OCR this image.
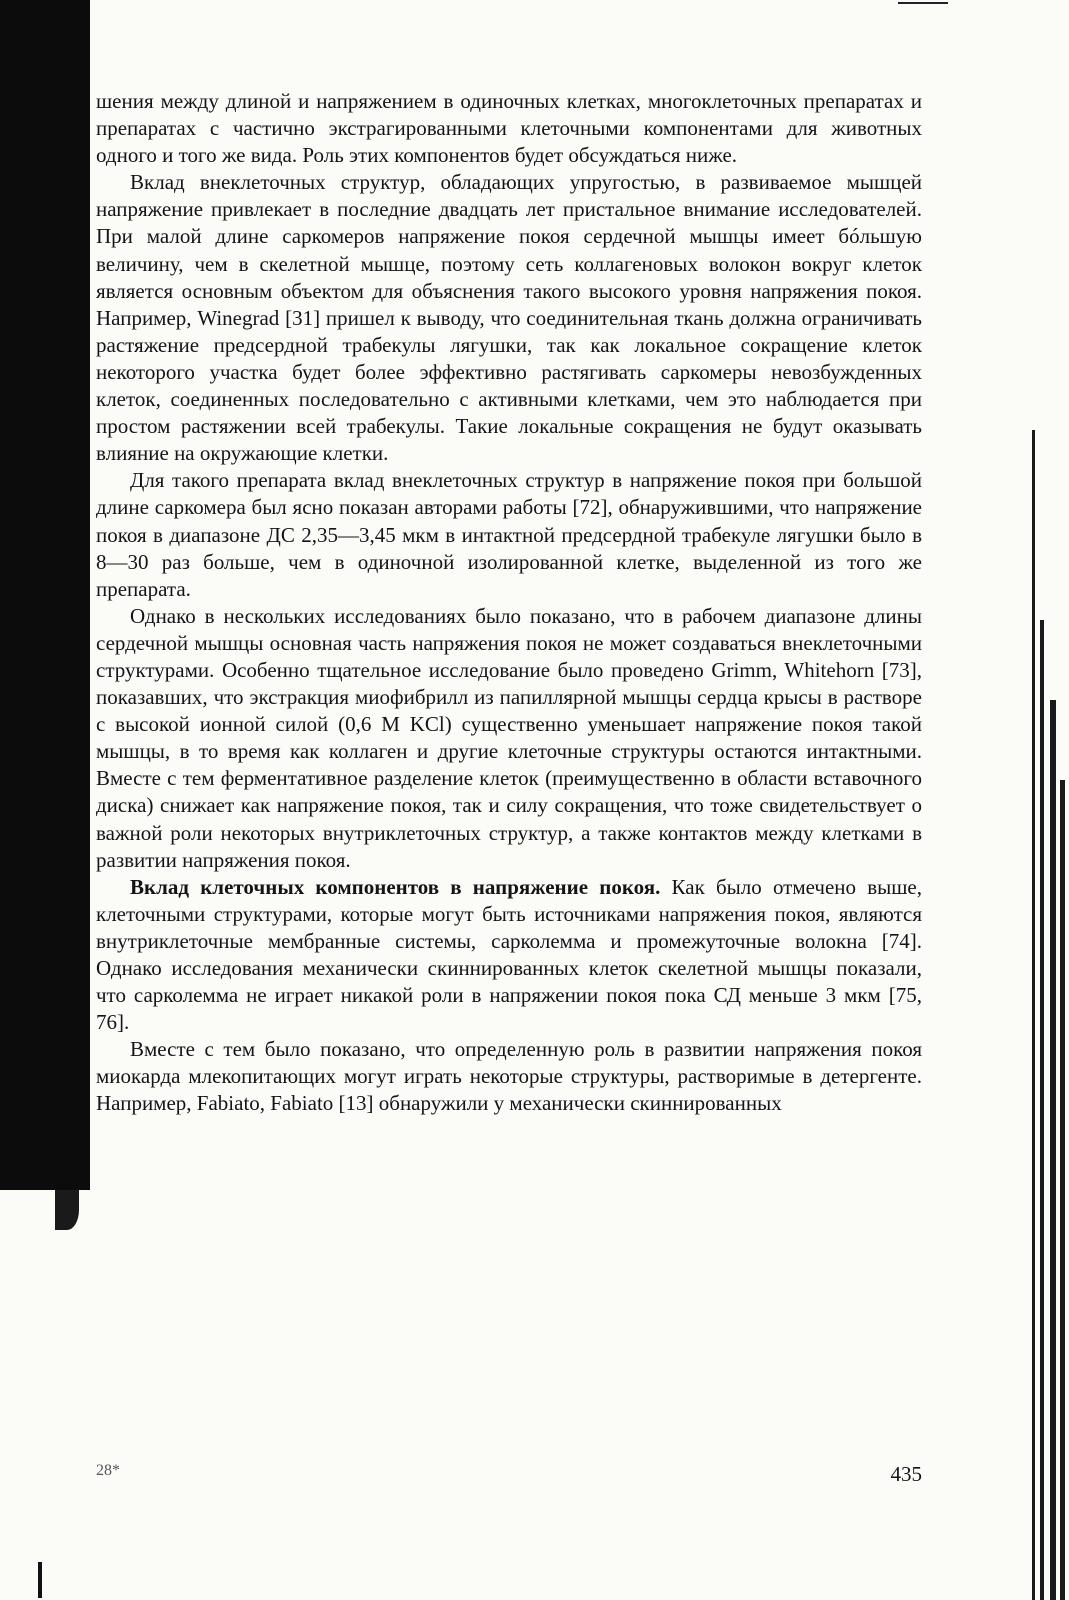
шения между длиной и напряжением в одиночных клетках, многоклеточных препаратах и препаратах с частично экстрагированными клеточными компонентами для животных одного и того же вида. Роль этих компонентов будет обсуждаться ниже.

Вклад внеклеточных структур, обладающих упругостью, в развиваемое мышцей напряжение привлекает в последние двадцать лет пристальное внимание исследователей. При малой длине саркомеров напряжение покоя сердечной мышцы имеет бóльшую величину, чем в скелетной мышце, поэтому сеть коллагеновых волокон вокруг клеток является основным объектом для объяснения такого высокого уровня напряжения покоя. Например, Winegrad [31] пришел к выводу, что соединительная ткань должна ограничивать растяжение предсердной трабекулы лягушки, так как локальное сокращение клеток некоторого участка будет более эффективно растягивать саркомеры невозбужденных клеток, соединенных последовательно с активными клетками, чем это наблюдается при простом растяжении всей трабекулы. Такие локальные сокращения не будут оказывать влияние на окружающие клетки.

Для такого препарата вклад внеклеточных структур в напряжение покоя при большой длине саркомера был ясно показан авторами работы [72], обнаружившими, что напряжение покоя в диапазоне ДС 2,35—3,45 мкм в интактной предсердной трабекуле лягушки было в 8—30 раз больше, чем в одиночной изолированной клетке, выделенной из того же препарата.

Однако в нескольких исследованиях было показано, что в рабочем диапазоне длины сердечной мышцы основная часть напряжения покоя не может создаваться внеклеточными структурами. Особенно тщательное исследование было проведено Grimm, Whitehorn [73], показавших, что экстракция миофибрилл из папиллярной мышцы сердца крысы в растворе с высокой ионной силой (0,6 М KCl) существенно уменьшает напряжение покоя такой мышцы, в то время как коллаген и другие клеточные структуры остаются интактными. Вместе с тем ферментативное разделение клеток (преимущественно в области вставочного диска) снижает как напряжение покоя, так и силу сокращения, что тоже свидетельствует о важной роли некоторых внутриклеточных структур, а также контактов между клетками в развитии напряжения покоя.

Вклад клеточных компонентов в напряжение покоя. Как было отмечено выше, клеточными структурами, которые могут быть источниками напряжения покоя, являются внутриклеточные мембранные системы, сарколемма и промежуточные волокна [74]. Однако исследования механически скиннированных клеток скелетной мышцы показали, что сарколемма не играет никакой роли в напряжении покоя пока СД меньше 3 мкм [75, 76].

Вместе с тем было показано, что определенную роль в развитии напряжения покоя миокарда млекопитающих могут играть некоторые структуры, растворимые в детергенте. Например, Fabiato, Fabiato [13] обнаружили у механически скиннированных

28*	435
